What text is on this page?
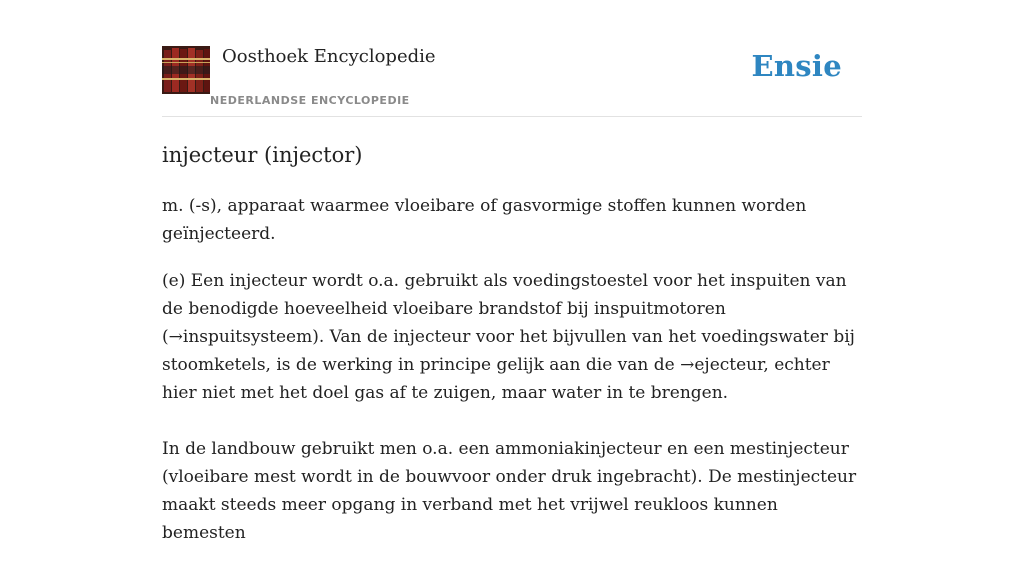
Oosthoek Encyclopedie
NEDERLANDSE ENCYCLOPEDIE
Ensie
injecteur (injector)

m. (-s), apparaat waarmee vloeibare of gasvormige stoffen kunnen worden geïnjecteerd.

(e) Een injecteur wordt o.a. gebruikt als voedingstoestel voor het inspuiten van de benodigde hoeveelheid vloeibare brandstof bij inspuitmotoren (→inspuitsysteem). Van de injecteur voor het bijvullen van het voedingswater bij stoomketels, is de werking in principe gelijk aan die van de →ejecteur, echter hier niet met het doel gas af te zuigen, maar water in te brengen.

In de landbouw gebruikt men o.a. een ammoniakinjecteur en een mestinjecteur (vloeibare mest wordt in de bouwvoor onder druk ingebracht). De mestinjecteur maakt steeds meer opgang in verband met het vrijwel reukloos kunnen bemesten
